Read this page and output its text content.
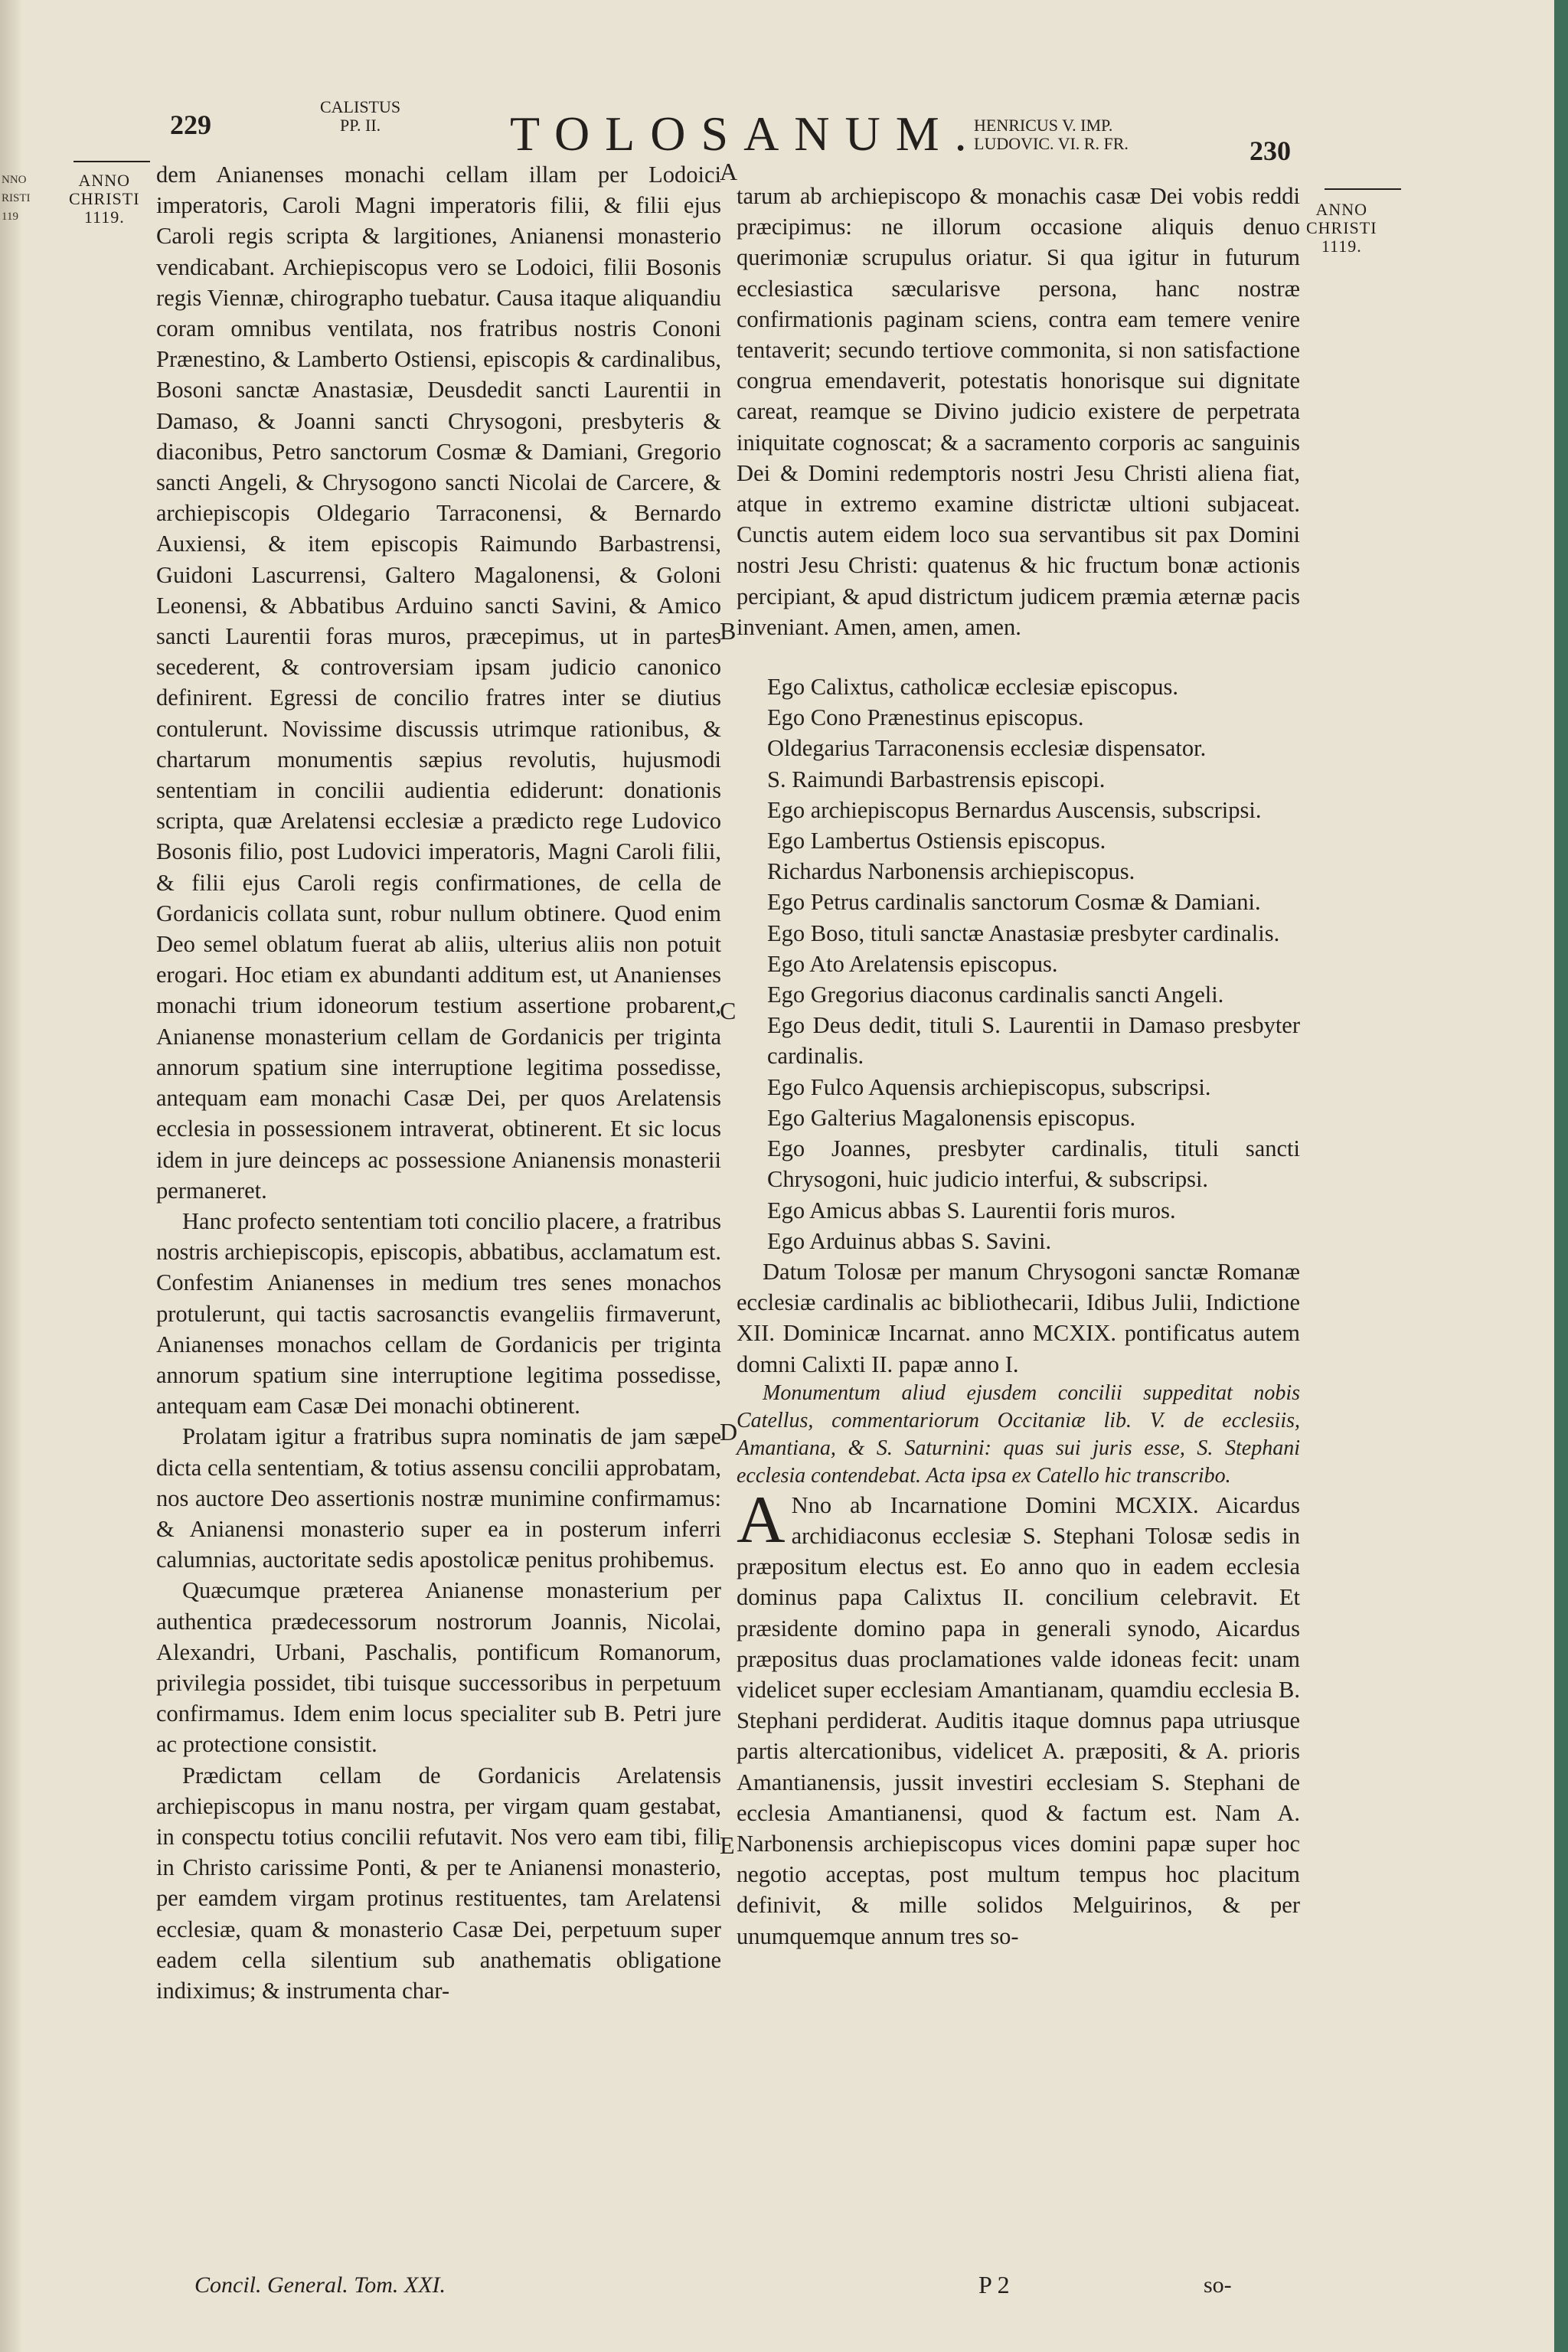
NNO
RISTI
119
229
CALISTUS
PP. II.	TOLOSANUM.
HENRICUS V. IMP.
LUDOVIC. VI. R. FR.	230
ANNO
CHRISTI
1119.	ANNO
CHRISTI
1119.
A
B
C
D
E

dem Anianenses monachi cellam illam per Lodoici imperatoris, Caroli Magni imperatoris filii, & filii ejus Caroli regis scripta & largitiones, Anianensi monasterio vendicabant. Archiepiscopus vero se Lodoici, filii Bosonis regis Viennæ, chirographo tuebatur. Causa itaque aliquandiu coram omnibus ventilata, nos fratribus nostris Cononi Prænestino, & Lamberto Ostiensi, episcopis & cardinalibus, Bosoni sanctæ Anastasiæ, Deusdedit sancti Laurentii in Damaso, & Joanni sancti Chrysogoni, presbyteris & diaconibus, Petro sanctorum Cosmæ & Damiani, Gregorio sancti Angeli, & Chrysogono sancti Nicolai de Carcere, & archiepiscopis Oldegario Tarraconensi, & Bernardo Auxiensi, & item episcopis Raimundo Barbastrensi, Guidoni Lascurrensi, Galtero Magalonensi, & Goloni Leonensi, & Abbatibus Arduino sancti Savini, & Amico sancti Laurentii foras muros, præcepimus, ut in partes secederent, & controversiam ipsam judicio canonico definirent. Egressi de concilio fratres inter se diutius contulerunt. Novissime discussis utrimque rationibus, & chartarum monumentis sæpius revolutis, hujusmodi sententiam in concilii audientia ediderunt: donationis scripta, quæ Arelatensi ecclesiæ a prædicto rege Ludovico Bosonis filio, post Ludovici imperatoris, Magni Caroli filii, & filii ejus Caroli regis confirmationes, de cella de Gordanicis collata sunt, robur nullum obtinere. Quod enim Deo semel oblatum fuerat ab aliis, ulterius aliis non potuit erogari. Hoc etiam ex abundanti additum est, ut Ananienses monachi trium idoneorum testium assertione probarent, Anianense monasterium cellam de Gordanicis per triginta annorum spatium sine interruptione legitima possedisse, antequam eam monachi Casæ Dei, per quos Arelatensis ecclesia in possessionem intraverat, obtinerent. Et sic locus idem in jure deinceps ac possessione Anianensis monasterii permaneret.

Hanc profecto sententiam toti concilio placere, a fratribus nostris archiepiscopis, episcopis, abbatibus, acclamatum est. Confestim Anianenses in medium tres senes monachos protulerunt, qui tactis sacrosanctis evangeliis firmaverunt, Anianenses monachos cellam de Gordanicis per triginta annorum spatium sine interruptione legitima possedisse, antequam eam Casæ Dei monachi obtinerent.

Prolatam igitur a fratribus supra nominatis de jam sæpe dicta cella sententiam, & totius assensu concilii approbatam, nos auctore Deo assertionis nostræ munimine confirmamus: & Anianensi monasterio super ea in posterum inferri calumnias, auctoritate sedis apostolicæ penitus prohibemus.

Quæcumque præterea Anianense monasterium per authentica prædecessorum nostrorum Joannis, Nicolai, Alexandri, Urbani, Paschalis, pontificum Romanorum, privilegia possidet, tibi tuisque successoribus in perpetuum confirmamus. Idem enim locus specialiter sub B. Petri jure ac protectione consistit.

Prædictam cellam de Gordanicis Arelatensis archiepiscopus in manu nostra, per virgam quam gestabat, in conspectu totius concilii refutavit. Nos vero eam tibi, fili in Christo carissime Ponti, & per te Anianensi monasterio, per eamdem virgam protinus restituentes, tam Arelatensi ecclesiæ, quam & monasterio Casæ Dei, perpetuum super eadem cella silentium sub anathematis obligatione indiximus; & instrumenta char-

tarum ab archiepiscopo & monachis casæ Dei vobis reddi præcipimus: ne illorum occasione aliquis denuo querimoniæ scrupulus oriatur. Si qua igitur in futurum ecclesiastica sæcularisve persona, hanc nostræ confirmationis paginam sciens, contra eam temere venire tentaverit; secundo tertiove commonita, si non satisfactione congrua emendaverit, potestatis honorisque sui dignitate careat, reamque se Divino judicio existere de perpetrata iniquitate cognoscat; & a sacramento corporis ac sanguinis Dei & Domini redemptoris nostri Jesu Christi aliena fiat, atque in extremo examine districtæ ultioni subjaceat. Cunctis autem eidem loco sua servantibus sit pax Domini nostri Jesu Christi: quatenus & hic fructum bonæ actionis percipiant, & apud districtum judicem præmia æternæ pacis inveniant. Amen, amen, amen.

Ego Calixtus, catholicæ ecclesiæ episcopus.

Ego Cono Prænestinus episcopus.

Oldegarius Tarraconensis ecclesiæ dispensator.

S. Raimundi Barbastrensis episcopi.

Ego archiepiscopus Bernardus Auscensis, subscripsi.

Ego Lambertus Ostiensis episcopus.

Richardus Narbonensis archiepiscopus.

Ego Petrus cardinalis sanctorum Cosmæ & Damiani.

Ego Boso, tituli sanctæ Anastasiæ presbyter cardinalis.

Ego Ato Arelatensis episcopus.

Ego Gregorius diaconus cardinalis sancti Angeli.

Ego Deus dedit, tituli S. Laurentii in Damaso presbyter cardinalis.

Ego Fulco Aquensis archiepiscopus, subscripsi.

Ego Galterius Magalonensis episcopus.

Ego Joannes, presbyter cardinalis, tituli sancti Chrysogoni, huic judicio interfui, & subscripsi.

Ego Amicus abbas S. Laurentii foris muros.

Ego Arduinus abbas S. Savini.

Datum Tolosæ per manum Chrysogoni sanctæ Romanæ ecclesiæ cardinalis ac bibliothecarii, Idibus Julii, Indictione XII. Dominicæ Incarnat. anno MCXIX. pontificatus autem domni Calixti II. papæ anno I.

Monumentum aliud ejusdem concilii suppeditat nobis Catellus, commentariorum Occitaniæ lib. V. de ecclesiis, Amantiana, & S. Saturnini: quas sui juris esse, S. Stephani ecclesia contendebat. Acta ipsa ex Catello hic transcribo.

A Nno ab Incarnatione Domini MCXIX. Aicardus archidiaconus ecclesiæ S. Stephani Tolosæ sedis in præpositum electus est. Eo anno quo in eadem ecclesia dominus papa Calixtus II. concilium celebravit. Et præsidente domino papa in generali synodo, Aicardus præpositus duas proclamationes valde idoneas fecit: unam videlicet super ecclesiam Amantianam, quamdiu ecclesia B. Stephani perdiderat. Auditis itaque domnus papa utriusque partis altercationibus, videlicet A. præpositi, & A. prioris Amantianensis, jussit investiri ecclesiam S. Stephani de ecclesia Amantianensi, quod & factum est. Nam A. Narbonensis archiepiscopus vices domini papæ super hoc negotio acceptas, post multum tempus hoc placitum definivit, & mille solidos Melguirinos, & per unumquemque annum tres so-

Concil. General. Tom. XXI.	P 2	so-
